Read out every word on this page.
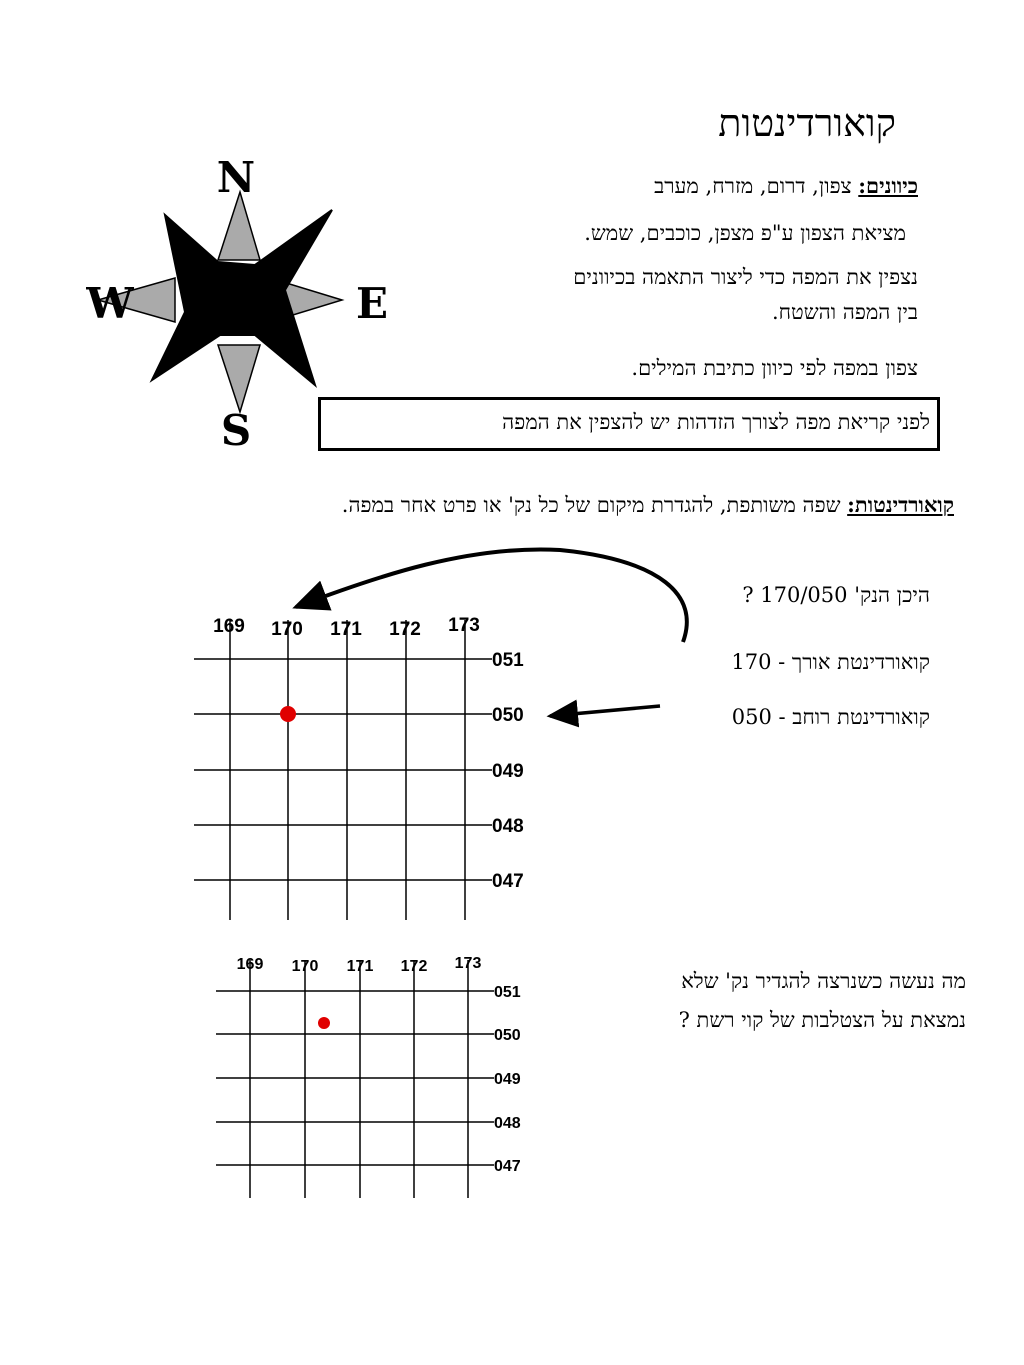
קואורדינטות
N
S
W	E
כיוונים: צפון, דרום, מזרח, מערב
מציאת הצפון ע"פ מצפן, כוכבים, שמש.
נצפין את המפה כדי ליצור התאמה בכיוונים
בין המפה והשטח.
צפון במפה לפי כיוון כתיבת המילים.
לפני קריאת מפה לצורך הזדהות יש להצפין את המפה
קואורדינטות: שפה משותפת, להגדרת מיקום של כל נק' או פרט אחר במפה.
היכן הנק' 170/050 ?
קואורדינטת אורך - 170
קואורדינטת רוחב - 050
מה נעשה כשנרצה להגדיר נק' שלא
נמצאת על הצטלבות של קוי רשת ?
169 170 171 172 173
051
050
049
048
047
169 170 171 172 173
051
050
049
048
047
